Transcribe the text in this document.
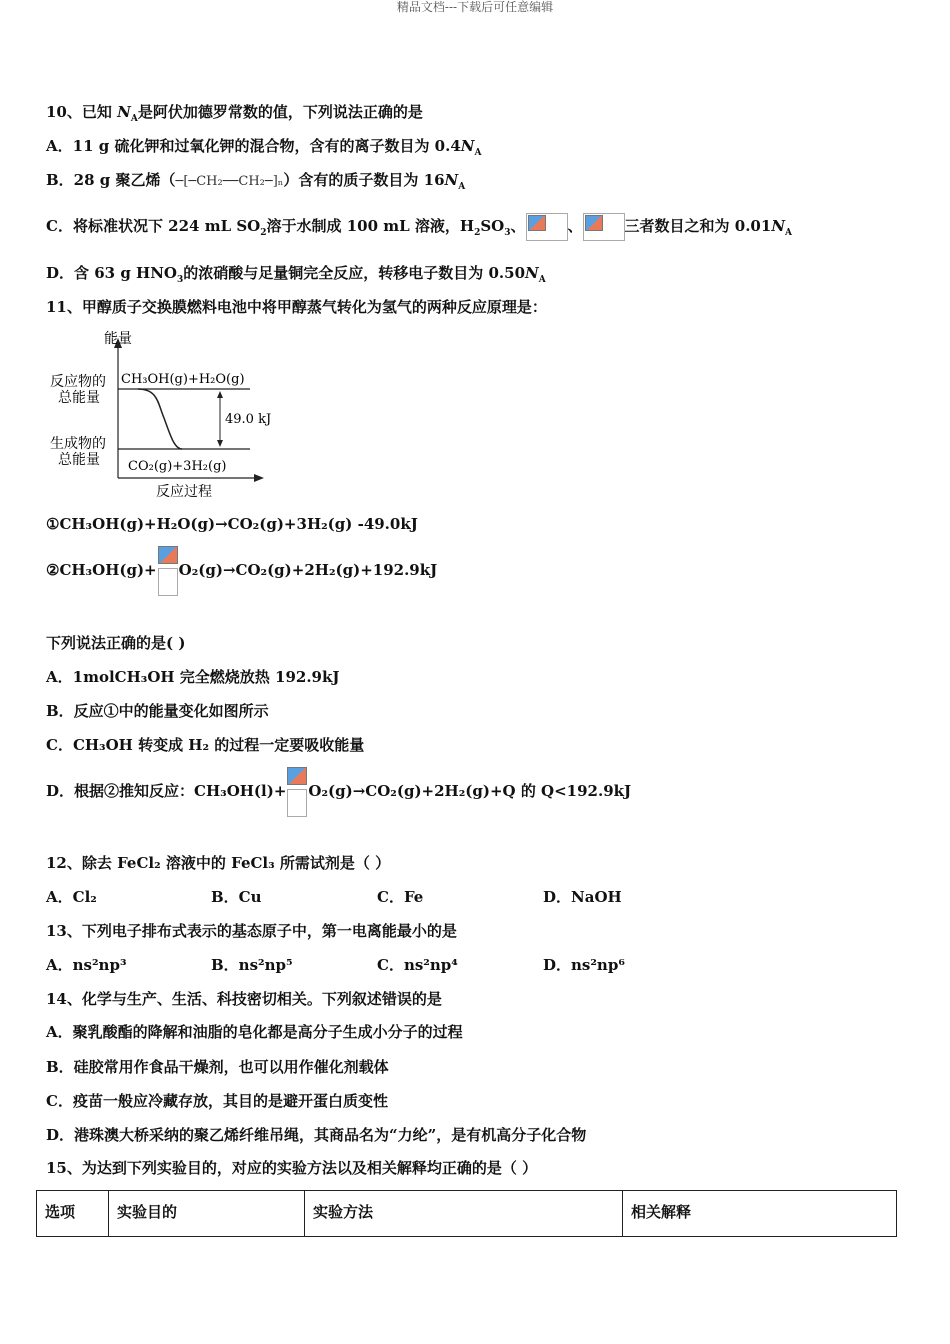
精品文档---下载后可任意编辑
10、已知 $N_A$是阿伏加德罗常数的值，下列说法正确的是
A．11 g 硫化钾和过氧化钾的混合物，含有的离子数目为 $0.4N_A$
B．28 g 聚乙烯（─[─CH₂──CH₂─]ₙ）含有的质子数目为 $16N_A$
C．将标准状况下 224 mL $SO_2$溶于水制成 100 mL 溶液，$H_2SO_3$、	、	三者数目之和为 $0.01N_A$
D．含 63 g $HNO_3$的浓硝酸与足量铜完全反应，转移电子数目为 $0.50N_A$
11、甲醇质子交换膜燃料电池中将甲醇蒸气转化为氢气的两种反应原理是：
能量
反应过程
反应物的
总能量
生成物的
总能量
CH₃OH(g)+H₂O(g)
CO₂(g)+3H₂(g)
49.0 kJ
①CH₃OH(g)+H₂O(g)→CO₂(g)+3H₂(g) -49.0kJ
②CH₃OH(g)+ O₂(g)→CO₂(g)+2H₂(g)+192.9kJ
下列说法正确的是( )
A．1molCH₃OH 完全燃烧放热 192.9kJ
B．反应①中的能量变化如图所示
C．CH₃OH 转变成 H₂ 的过程一定要吸收能量
D．根据②推知反应：CH₃OH(l)+ O₂(g)→CO₂(g)+2H₂(g)+Q 的 Q<192.9kJ
12、除去 FeCl₂ 溶液中的 FeCl₃ 所需试剂是（ ）
A．Cl₂	B．Cu	C．Fe	D．NaOH
13、下列电子排布式表示的基态原子中，第一电离能最小的是
A．ns²np³	B．ns²np⁵	C．ns²np⁴	D．ns²np⁶
14、化学与生产、生活、科技密切相关。下列叙述错误的是
A．聚乳酸酯的降解和油脂的皂化都是高分子生成小分子的过程
B．硅胶常用作食品干燥剂，也可以用作催化剂载体
C．疫苗一般应冷藏存放，其目的是避开蛋白质变性
D．港珠澳大桥采纳的聚乙烯纤维吊绳，其商品名为“力纶”，是有机高分子化合物
15、为达到下列实验目的，对应的实验方法以及相关解释均正确的是（ ）
选项	实验目的	实验方法	相关解释
